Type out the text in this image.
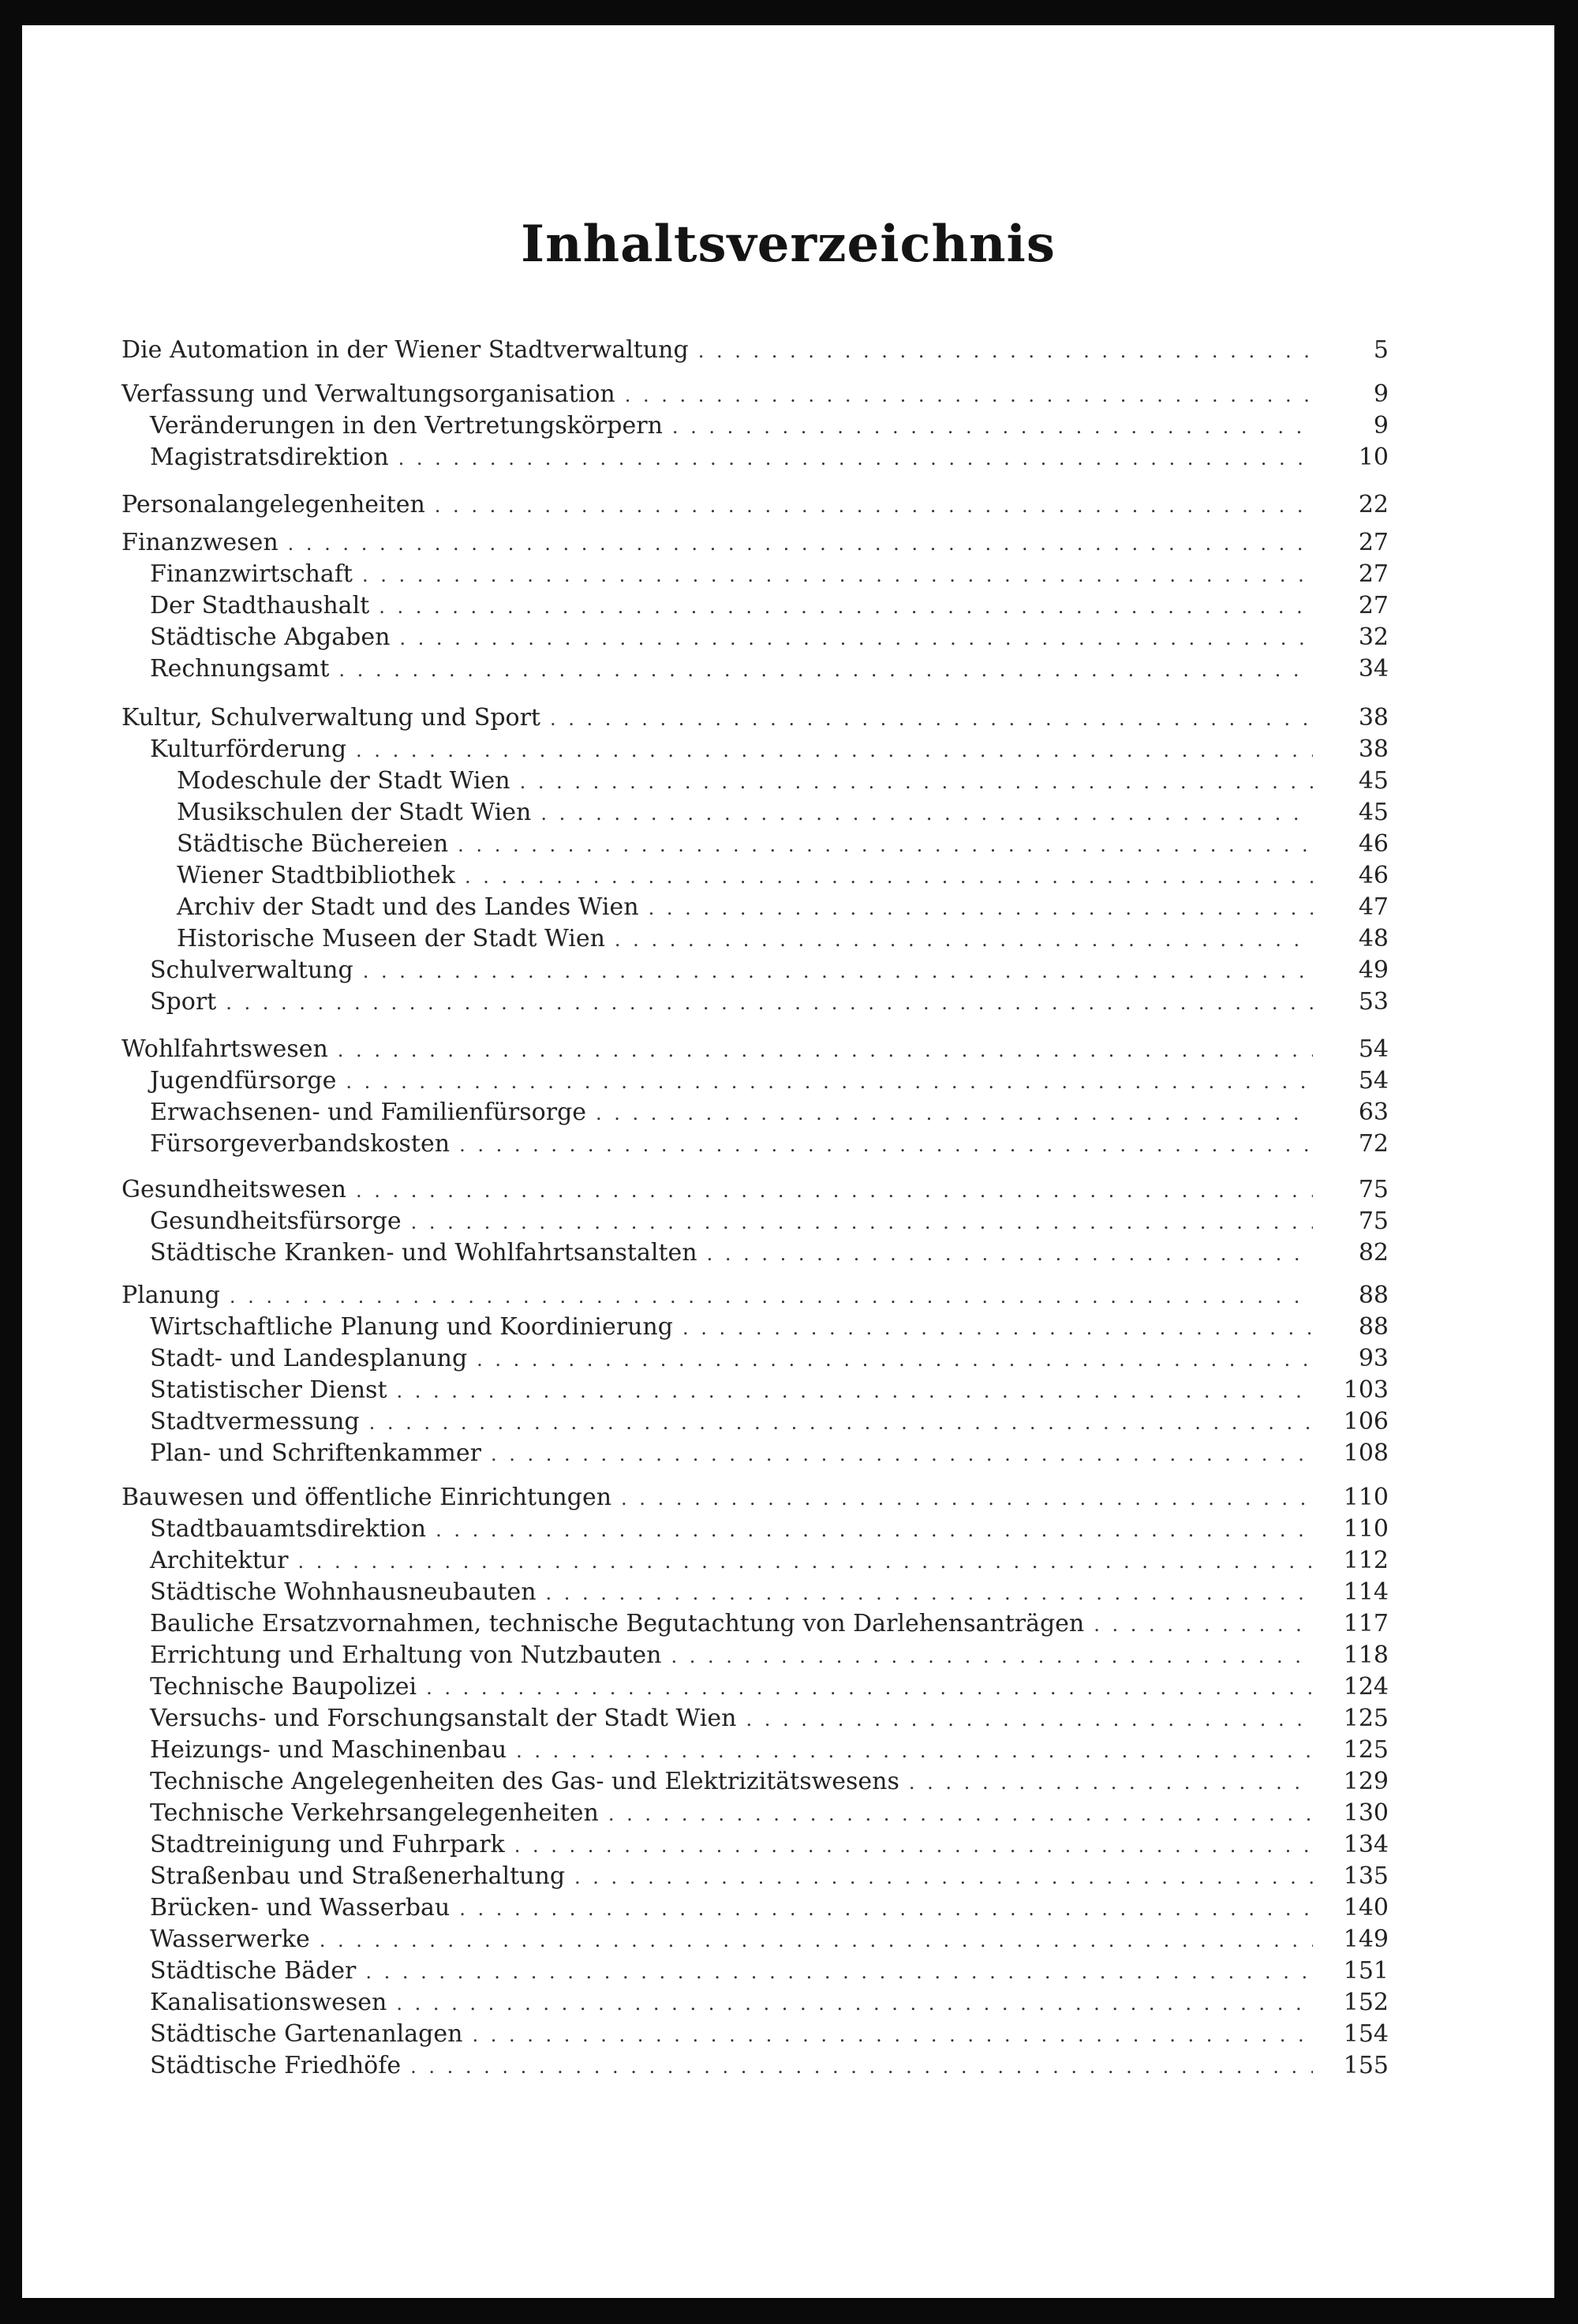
Inhaltsverzeichnis
Die Automation in der Wiener Stadtverwaltung . . .	5
Verfassung und Verwaltungsorganisation . . .	9
Veränderungen in den Vertretungskörpern . . .	9
Magistratsdirektion . . .	10
Personalangelegenheiten . . .	22
Finanzwesen . . .	27
Finanzwirtschaft . . .	27
Der Stadthaushalt . . .	27
Städtische Abgaben . . .	32
Rechnungsamt . . .	34
Kultur, Schulverwaltung und Sport . . .	38
Kulturförderung . . .	38
Modeschule der Stadt Wien . . .	45
Musikschulen der Stadt Wien . . .	45
Städtische Büchereien . . .	46
Wiener Stadtbibliothek . . .	46
Archiv der Stadt und des Landes Wien . . .	47
Historische Museen der Stadt Wien . . .	48
Schulverwaltung . . .	49
Sport . . .	53
Wohlfahrtswesen . . .	54
Jugendfürsorge . . .	54
Erwachsenen- und Familienfürsorge . . .	63
Fürsorgeverbandskosten . . .	72
Gesundheitswesen . . .	75
Gesundheitsfürsorge . . .	75
Städtische Kranken- und Wohlfahrtsanstalten . . .	82
Planung . . .	88
Wirtschaftliche Planung und Koordinierung . . .	88
Stadt- und Landesplanung . . .	93
Statistischer Dienst . . .	103
Stadtvermessung . . .	106
Plan- und Schriftenkammer . . .	108
Bauwesen und öffentliche Einrichtungen . . .	110
Stadtbauamtsdirektion . . .	110
Architektur . . .	112
Städtische Wohnhausneubauten . . .	114
Bauliche Ersatzvornahmen, technische Begutachtung von Darlehensanträgen . . .	117
Errichtung und Erhaltung von Nutzbauten . . .	118
Technische Baupolizei . . .	124
Versuchs- und Forschungsanstalt der Stadt Wien . . .	125
Heizungs- und Maschinenbau . . .	125
Technische Angelegenheiten des Gas- und Elektrizitätswesens . . .	129
Technische Verkehrsangelegenheiten . . .	130
Stadtreinigung und Fuhrpark . . .	134
Straßenbau und Straßenerhaltung . . .	135
Brücken- und Wasserbau . . .	140
Wasserwerke . . .	149
Städtische Bäder . . .	151
Kanalisationswesen . . .	152
Städtische Gartenanlagen . . .	154
Städtische Friedhöfe . . .	155
